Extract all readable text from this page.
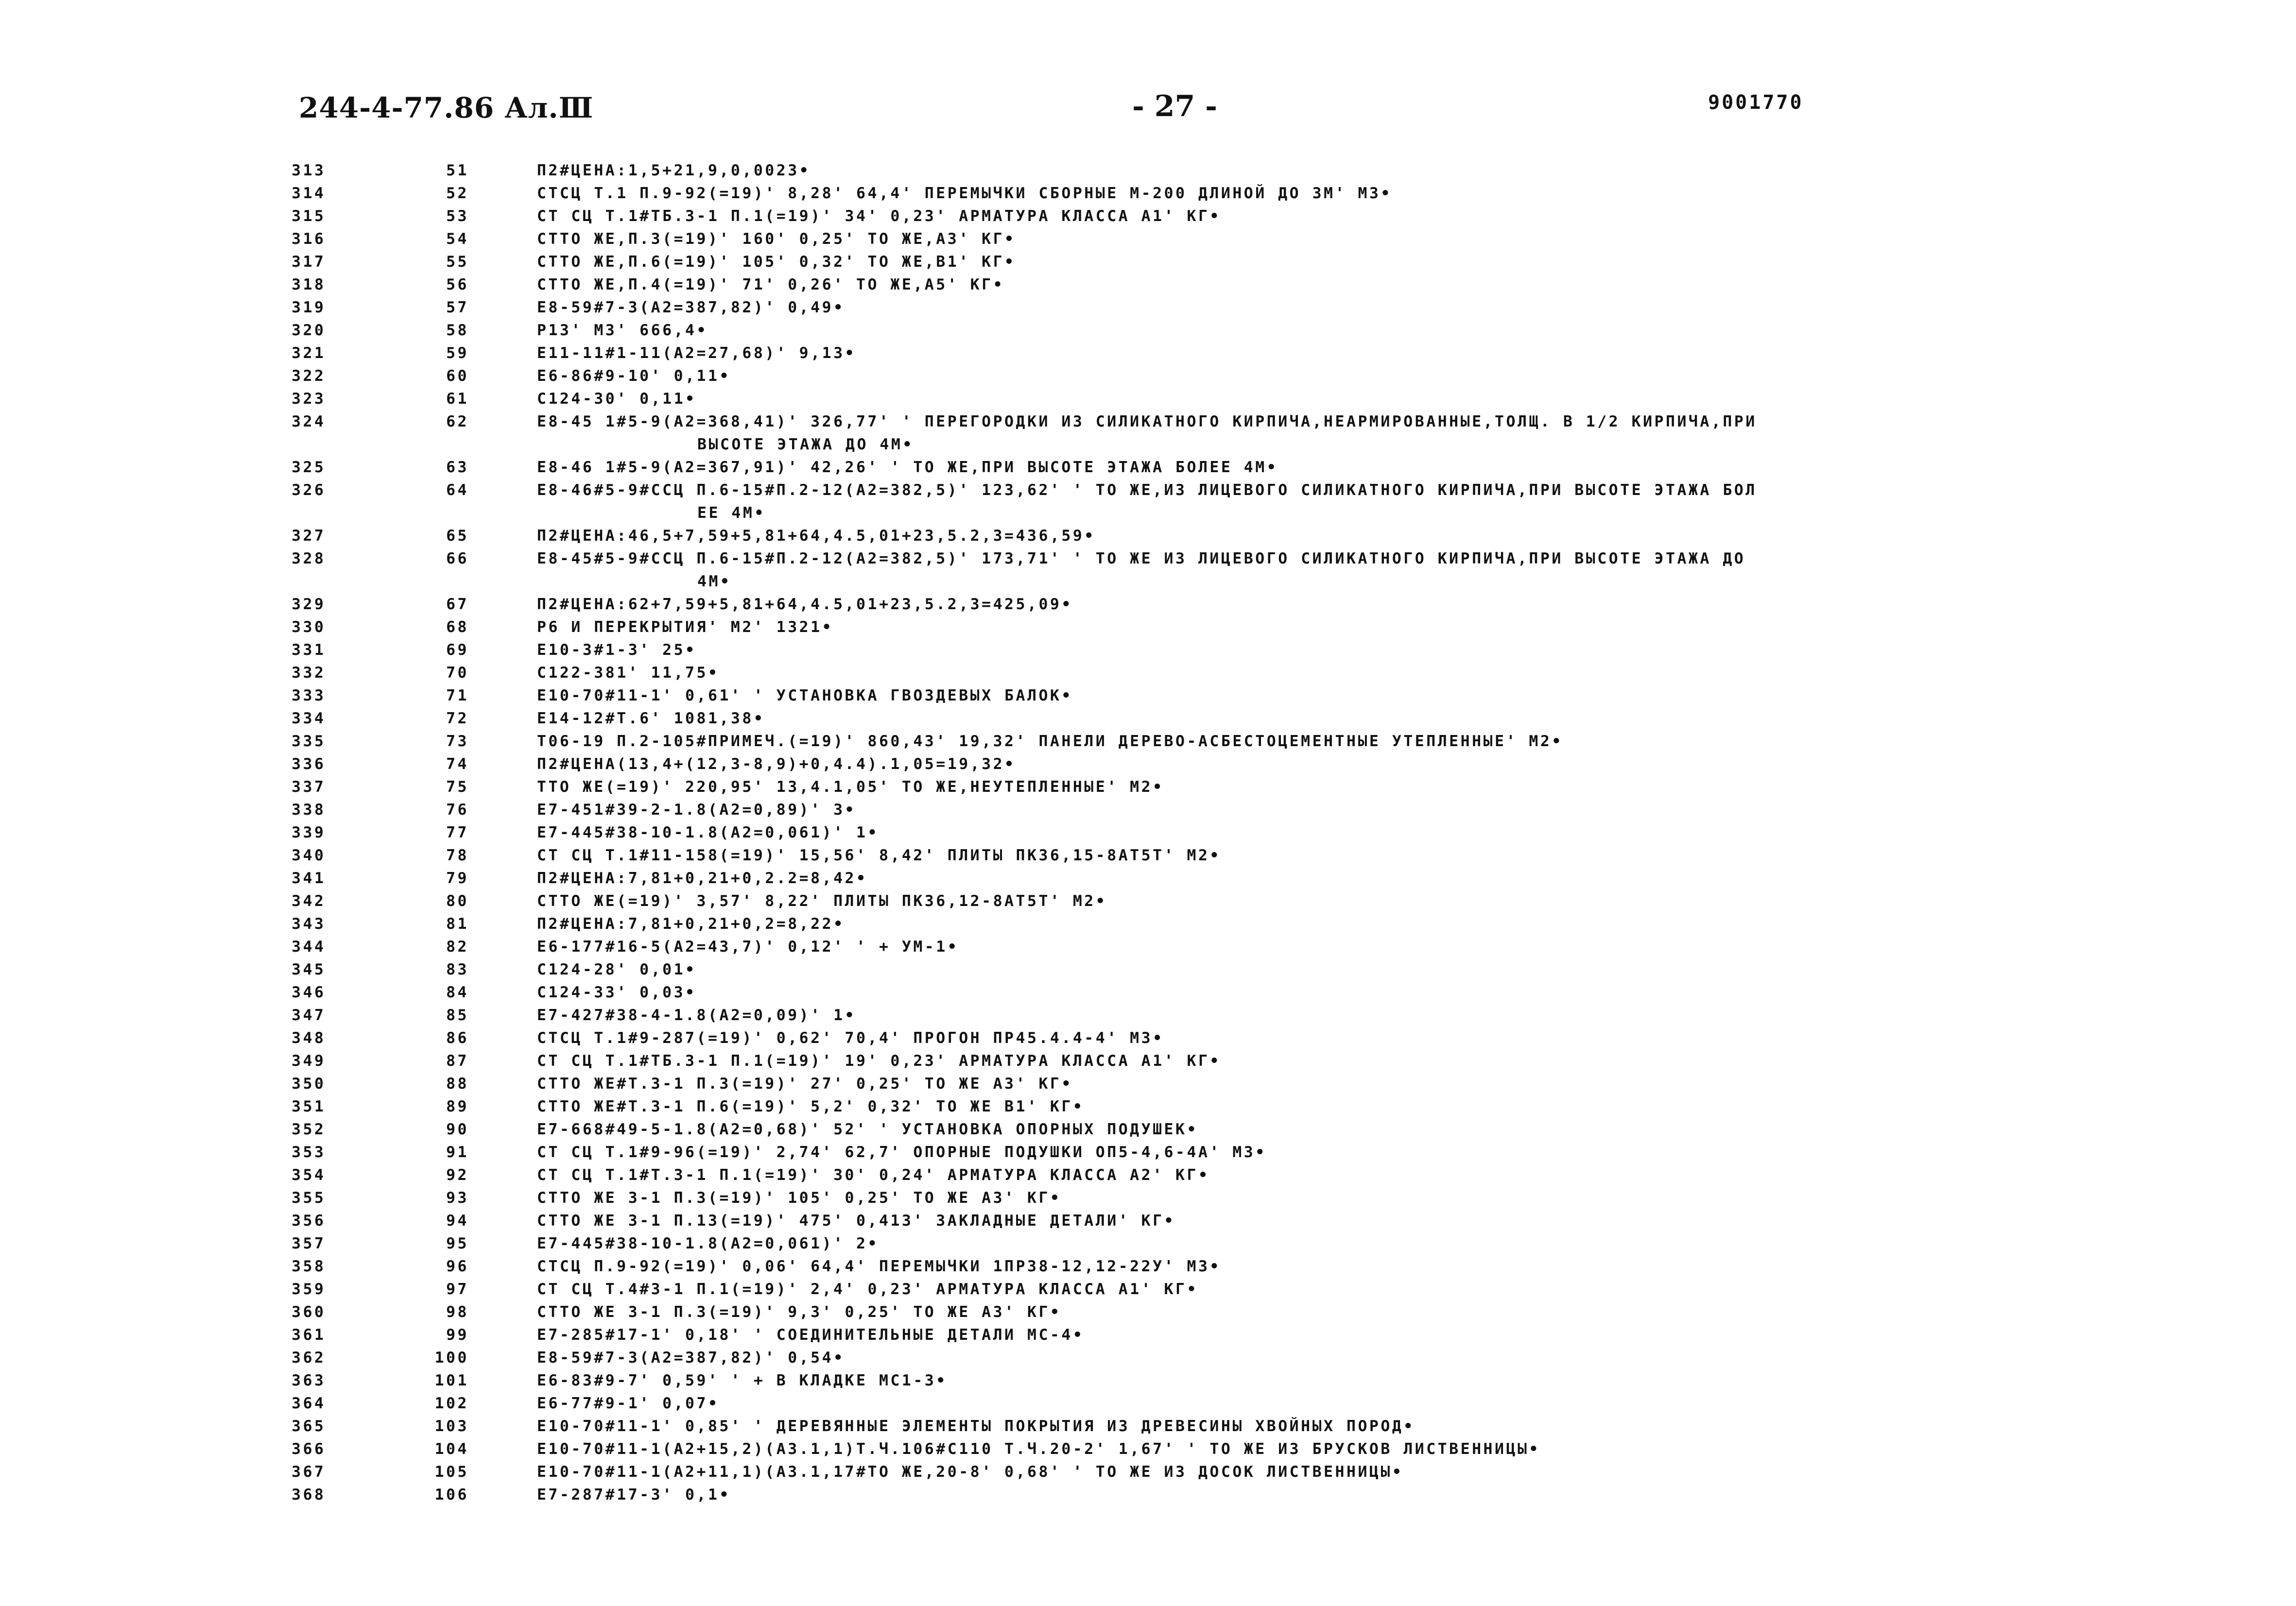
244-4-77.86 Ал.Ⅲ	- 27 -	9001770
313	51	П2#ЦЕНА:1,5+21,9,0,0023•
314	52	СТСЦ Т.1 П.9-92(=19)' 8,28' 64,4' ПЕРЕМЫЧКИ СБОРНЫЕ М-200 ДЛИНОЙ ДО 3М' М3•
315	53	СТ СЦ Т.1#ТБ.3-1 П.1(=19)' 34' 0,23' АРМАТУРА КЛАССА А1' КГ•
316	54	СТТО ЖЕ,П.3(=19)' 160' 0,25' ТО ЖЕ,А3' КГ•
317	55	СТТО ЖЕ,П.6(=19)' 105' 0,32' ТО ЖЕ,В1' КГ•
318	56	СТТО ЖЕ,П.4(=19)' 71' 0,26' ТО ЖЕ,А5' КГ•
319	57	Е8-59#7-3(А2=387,82)' 0,49•
320	58	Р13' М3' 666,4•
321	59	Е11-11#1-11(А2=27,68)' 9,13•
322	60	Е6-86#9-10' 0,11•
323	61	С124-30' 0,11•
324	62	Е8-45 1#5-9(А2=368,41)' 326,77' ' ПЕРЕГОРОДКИ ИЗ СИЛИКАТНОГО КИРПИЧА,НЕАРМИРОВАННЫЕ,ТОЛЩ. В 1/2 КИРПИЧА,ПРИ
ВЫСОТЕ ЭТАЖА ДО 4М•
325	63	Е8-46 1#5-9(А2=367,91)' 42,26' ' ТО ЖЕ,ПРИ ВЫСОТЕ ЭТАЖА БОЛЕЕ 4М•
326	64	Е8-46#5-9#ССЦ П.6-15#П.2-12(А2=382,5)' 123,62' ' ТО ЖЕ,ИЗ ЛИЦЕВОГО СИЛИКАТНОГО КИРПИЧА,ПРИ ВЫСОТЕ ЭТАЖА БОЛ
ЕЕ 4М•
327	65	П2#ЦЕНА:46,5+7,59+5,81+64,4.5,01+23,5.2,3=436,59•
328	66	Е8-45#5-9#ССЦ П.6-15#П.2-12(А2=382,5)' 173,71' ' ТО ЖЕ ИЗ ЛИЦЕВОГО СИЛИКАТНОГО КИРПИЧА,ПРИ ВЫСОТЕ ЭТАЖА ДО
4М•
329	67	П2#ЦЕНА:62+7,59+5,81+64,4.5,01+23,5.2,3=425,09•
330	68	Р6 И ПЕРЕКРЫТИЯ' М2' 1321•
331	69	Е10-3#1-3' 25•
332	70	С122-381' 11,75•
333	71	Е10-70#11-1' 0,61' ' УСТАНОВКА ГВОЗДЕВЫХ БАЛОК•
334	72	Е14-12#Т.6' 1081,38•
335	73	Т06-19 П.2-105#ПРИМЕЧ.(=19)' 860,43' 19,32' ПАНЕЛИ ДЕРЕВО-АСБЕСТОЦЕМЕНТНЫЕ УТЕПЛЕННЫЕ' М2•
336	74	П2#ЦЕНА(13,4+(12,3-8,9)+0,4.4).1,05=19,32•
337	75	ТТО ЖЕ(=19)' 220,95' 13,4.1,05' ТО ЖЕ,НЕУТЕПЛЕННЫЕ' М2•
338	76	Е7-451#39-2-1.8(А2=0,89)' 3•
339	77	Е7-445#38-10-1.8(А2=0,061)' 1•
340	78	СТ СЦ Т.1#11-158(=19)' 15,56' 8,42' ПЛИТЫ ПК36,15-8АТ5Т' М2•
341	79	П2#ЦЕНА:7,81+0,21+0,2.2=8,42•
342	80	СТТО ЖЕ(=19)' 3,57' 8,22' ПЛИТЫ ПК36,12-8АТ5Т' М2•
343	81	П2#ЦЕНА:7,81+0,21+0,2=8,22•
344	82	Е6-177#16-5(А2=43,7)' 0,12' ' + УМ-1•
345	83	С124-28' 0,01•
346	84	С124-33' 0,03•
347	85	Е7-427#38-4-1.8(А2=0,09)' 1•
348	86	СТСЦ Т.1#9-287(=19)' 0,62' 70,4' ПРОГОН ПР45.4.4-4' М3•
349	87	СТ СЦ Т.1#ТБ.3-1 П.1(=19)' 19' 0,23' АРМАТУРА КЛАССА А1' КГ•
350	88	СТТО ЖЕ#Т.3-1 П.3(=19)' 27' 0,25' ТО ЖЕ А3' КГ•
351	89	СТТО ЖЕ#Т.3-1 П.6(=19)' 5,2' 0,32' ТО ЖЕ В1' КГ•
352	90	Е7-668#49-5-1.8(А2=0,68)' 52' ' УСТАНОВКА ОПОРНЫХ ПОДУШЕК•
353	91	СТ СЦ Т.1#9-96(=19)' 2,74' 62,7' ОПОРНЫЕ ПОДУШКИ ОП5-4,6-4А' М3•
354	92	СТ СЦ Т.1#Т.3-1 П.1(=19)' 30' 0,24' АРМАТУРА КЛАССА А2' КГ•
355	93	СТТО ЖЕ 3-1 П.3(=19)' 105' 0,25' ТО ЖЕ А3' КГ•
356	94	СТТО ЖЕ 3-1 П.13(=19)' 475' 0,413' ЗАКЛАДНЫЕ ДЕТАЛИ' КГ•
357	95	Е7-445#38-10-1.8(А2=0,061)' 2•
358	96	СТСЦ П.9-92(=19)' 0,06' 64,4' ПЕРЕМЫЧКИ 1ПР38-12,12-22У' М3•
359	97	СТ СЦ Т.4#3-1 П.1(=19)' 2,4' 0,23' АРМАТУРА КЛАССА А1' КГ•
360	98	СТТО ЖЕ 3-1 П.3(=19)' 9,3' 0,25' ТО ЖЕ А3' КГ•
361	99	Е7-285#17-1' 0,18' ' СОЕДИНИТЕЛЬНЫЕ ДЕТАЛИ МС-4•
362	100	Е8-59#7-3(А2=387,82)' 0,54•
363	101	Е6-83#9-7' 0,59' ' + В КЛАДКЕ МС1-3•
364	102	Е6-77#9-1' 0,07•
365	103	Е10-70#11-1' 0,85' ' ДЕРЕВЯННЫЕ ЭЛЕМЕНТЫ ПОКРЫТИЯ ИЗ ДРЕВЕСИНЫ ХВОЙНЫХ ПОРОД•
366	104	Е10-70#11-1(А2+15,2)(А3.1,1)Т.Ч.106#С110 Т.Ч.20-2' 1,67' ' ТО ЖЕ ИЗ БРУСКОВ ЛИСТВЕННИЦЫ•
367	105	Е10-70#11-1(А2+11,1)(А3.1,17#ТО ЖЕ,20-8' 0,68' ' ТО ЖЕ ИЗ ДОСОК ЛИСТВЕННИЦЫ•
368	106	Е7-287#17-3' 0,1•
